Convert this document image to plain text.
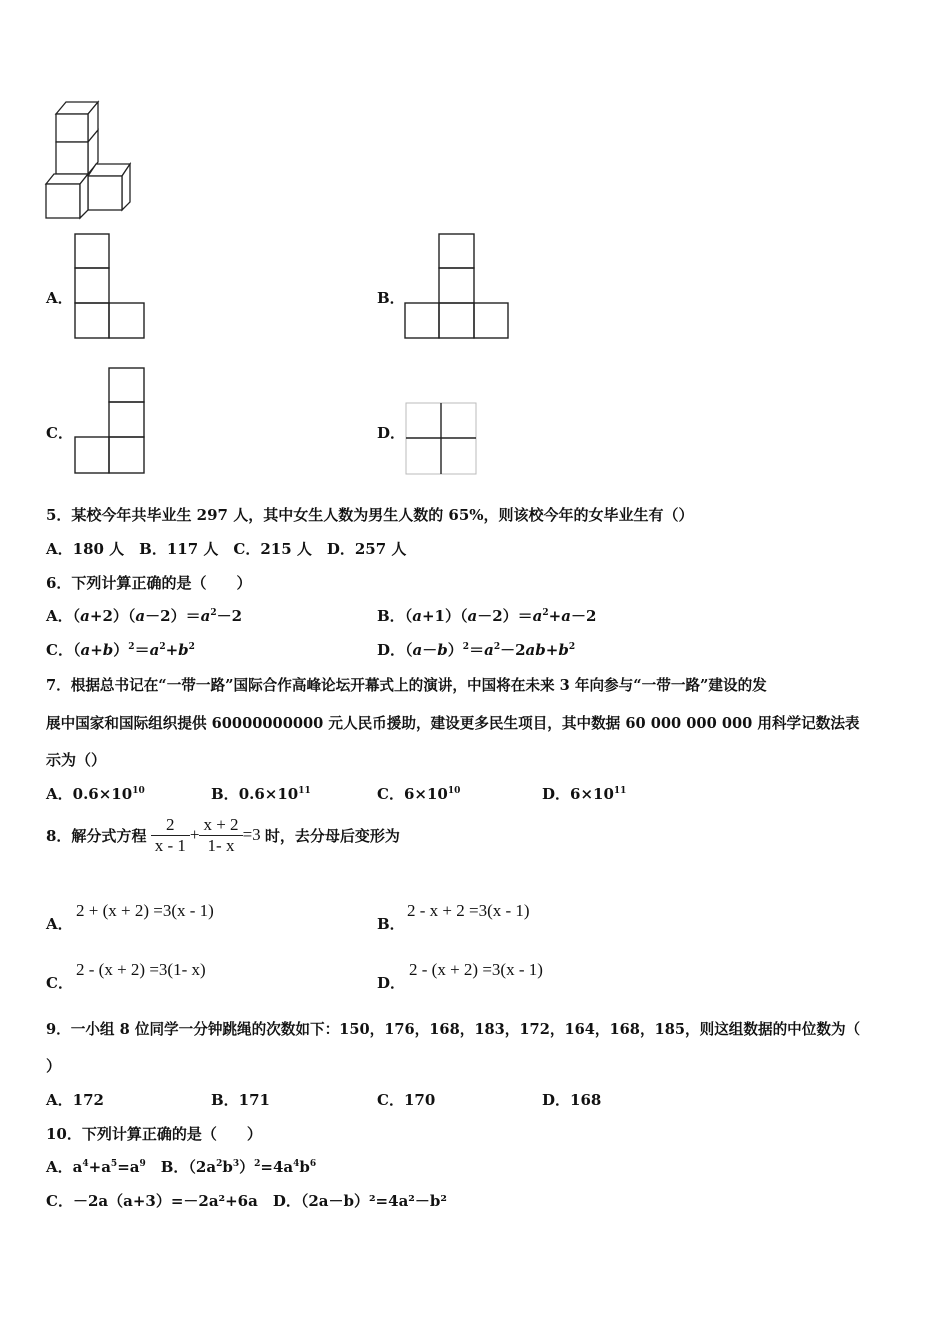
A．	B．
C．	D．
5．某校今年共毕业生 297 人，其中女生人数为男生人数的 65%，则该校今年的女毕业生有（）
A．180 人　B．117 人　C．215 人　D．257 人
6．下列计算正确的是（　　）
A．$(a+2)(a-2)=a^2-2$	B．$(a+1)(a-2)=a^2+a-2$
C．$(a+b)^2=a^2+b^2$	D．$(a-b)^2=a^2-2ab+b^2$
7．根据总书记在“一带一路”国际合作高峰论坛开幕式上的演讲，中国将在未来 3 年向参与“一带一路”建设的发
展中国家和国际组织提供 60000000000 元人民币援助，建设更多民生项目，其中数据 60 000 000 000 用科学记数法表
示为（）
A．$0.6\times 10^{10}$	B．$0.6\times 10^{11}$	C．$6\times 10^{10}$	D．$6\times 10^{11}$
8．解分式方程 $\frac{2}{x - 1} + \frac{x + 2}{1- x} =3$ 时，去分母后变形为
A．
2 + (x + 2) =3(x - 1)
B．
2 - x + 2 =3(x - 1)
C．
2 - (x + 2) =3(1- x)
D．
2 - (x + 2) =3(x - 1)
9．一小组 8 位同学一分钟跳绳的次数如下：150，176，168，183，172，164，168，185，则这组数据的中位数为（
）
A．172	B．171	C．170	D．168
10．下列计算正确的是（　　）
A．$a^4+a^5=a^9$　B．$(2a^2b^3)^2=4a^4b^6$
C．－2a（a+3）=－2a²+6a　D．（2a－b）²=4a²－b²
